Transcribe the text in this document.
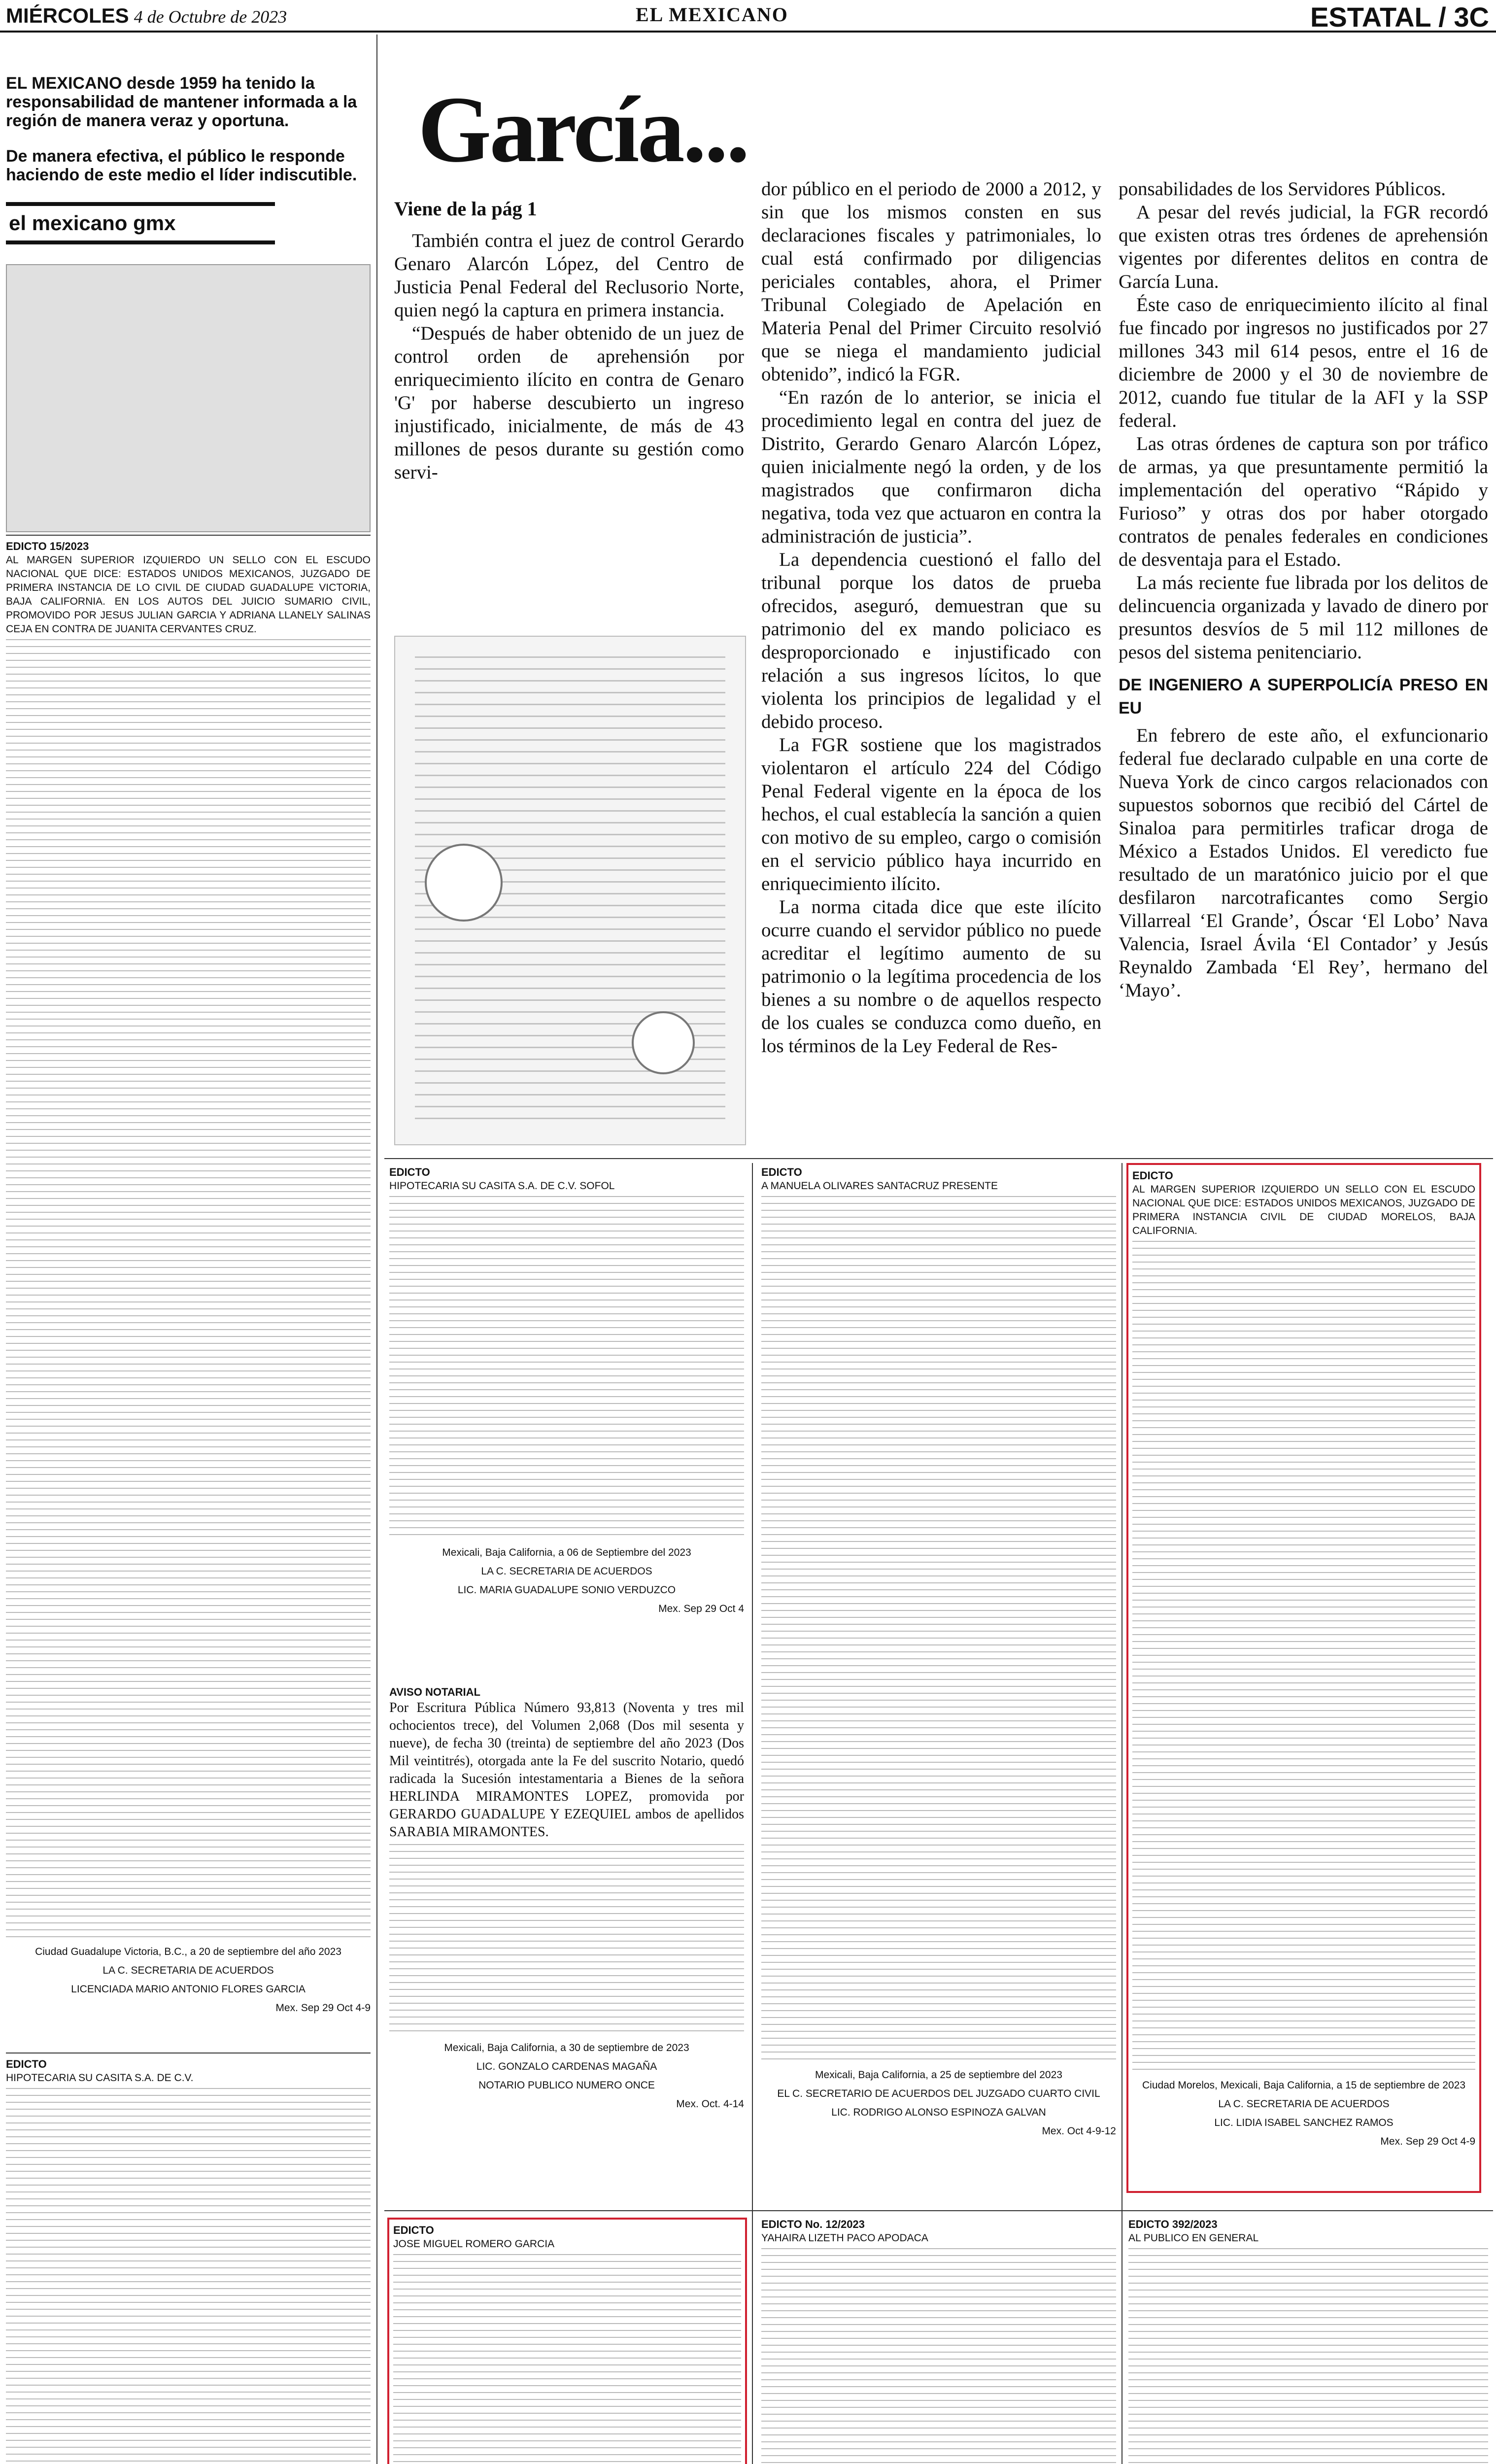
MIÉRCOLES 4 de Octubre de 2023	EL MEXICANO	ESTATAL / 3C
EL MEXICANO desde 1959 ha tenido la responsabilidad de mantener informada a la región de manera veraz y oportuna.
De manera efectiva, el público le responde haciendo de este medio el líder indiscutible.
el mexicano gmx
EDICTO 15/2023
AL MARGEN SUPERIOR IZQUIERDO UN SELLO CON EL ESCUDO NACIONAL QUE DICE: ESTADOS UNIDOS MEXICANOS, JUZGADO DE PRIMERA INSTANCIA DE LO CIVIL DE CIUDAD GUADALUPE VICTORIA, BAJA CALIFORNIA. EN LOS AUTOS DEL JUICIO SUMARIO CIVIL, PROMOVIDO POR JESUS JULIAN GARCIA Y ADRIANA LLANELY SALINAS CEJA EN CONTRA DE JUANITA CERVANTES CRUZ.
Ciudad Guadalupe Victoria, B.C., a 20 de septiembre del año 2023
LA C. SECRETARIA DE ACUERDOS
LICENCIADA MARIO ANTONIO FLORES GARCIA
Mex. Sep 29 Oct 4-9
EDICTO
HIPOTECARIA SU CASITA S.A. DE C.V.
García...
Viene de la pág 1

También contra el juez de control Gerardo Genaro Alarcón López, del Centro de Justicia Penal Federal del Reclusorio Norte, quien negó la captura en primera instancia.

“Después de haber obtenido de un juez de control orden de aprehensión por enriquecimiento ilícito en contra de Genaro 'G' por haberse descubierto un ingreso injustificado, inicialmente, de más de 43 millones de pesos durante su gestión como servi-

dor público en el periodo de 2000 a 2012, y sin que los mismos consten en sus declaraciones fiscales y patrimoniales, lo cual está confirmado por diligencias periciales contables, ahora, el Primer Tribunal Colegiado de Apelación en Materia Penal del Primer Circuito resolvió que se niega el mandamiento judicial obtenido”, indicó la FGR.

“En razón de lo anterior, se inicia el procedimiento legal en contra del juez de Distrito, Gerardo Genaro Alarcón López, quien inicialmente negó la orden, y de los magistrados que confirmaron dicha negativa, toda vez que actuaron en contra la administración de justicia”.

La dependencia cuestionó el fallo del tribunal porque los datos de prueba ofrecidos, aseguró, demuestran que su patrimonio del ex mando policiaco es desproporcionado e injustificado con relación a sus ingresos lícitos, lo que violenta los principios de legalidad y el debido proceso.

La FGR sostiene que los magistrados violentaron el artículo 224 del Código Penal Federal vigente en la época de los hechos, el cual establecía la sanción a quien con motivo de su empleo, cargo o comisión en el servicio público haya incurrido en enriquecimiento ilícito.

La norma citada dice que este ilícito ocurre cuando el servidor público no puede acreditar el legítimo aumento de su patrimonio o la legítima procedencia de los bienes a su nombre o de aquellos respecto de los cuales se conduzca como dueño, en los términos de la Ley Federal de Res-

ponsabilidades de los Servidores Públicos.

A pesar del revés judicial, la FGR recordó que existen otras tres órdenes de aprehensión vigentes por diferentes delitos en contra de García Luna.

Éste caso de enriquecimiento ilícito al final fue fincado por ingresos no justificados por 27 millones 343 mil 614 pesos, entre el 16 de diciembre de 2000 y el 30 de noviembre de 2012, cuando fue titular de la AFI y la SSP federal.

Las otras órdenes de captura son por tráfico de armas, ya que presuntamente permitió la implementación del operativo “Rápido y Furioso” y otras dos por haber otorgado contratos de penales federales en condiciones de desventaja para el Estado.

La más reciente fue librada por los delitos de delincuencia organizada y lavado de dinero por presuntos desvíos de 5 mil 112 millones de pesos del sistema penitenciario.

DE INGENIERO A SUPERPOLICÍA PRESO EN EU

En febrero de este año, el exfuncionario federal fue declarado culpable en una corte de Nueva York de cinco cargos relacionados con supuestos sobornos que recibió del Cártel de Sinaloa para permitirles traficar droga de México a Estados Unidos. El veredicto fue resultado de un maratónico juicio por el que desfilaron narcotraficantes como Sergio Villarreal ‘El Grande’, Óscar ‘El Lobo’ Nava Valencia, Israel Ávila ‘El Contador’ y Jesús Reynaldo Zambada ‘El Rey’, hermano del ‘Mayo’.

EDICTO
HIPOTECARIA SU CASITA S.A. DE C.V. SOFOL
Mexicali, Baja California, a 06 de Septiembre del 2023
LA C. SECRETARIA DE ACUERDOS
LIC. MARIA GUADALUPE SONIO VERDUZCO
Mex. Sep 29 Oct 4
AVISO NOTARIAL
Por Escritura Pública Número 93,813 (Noventa y tres mil ochocientos trece), del Volumen 2,068 (Dos mil sesenta y nueve), de fecha 30 (treinta) de septiembre del año 2023 (Dos Mil veintitrés), otorgada ante la Fe del suscrito Notario, quedó radicada la Sucesión intestamentaria a Bienes de la señora HERLINDA MIRAMONTES LOPEZ, promovida por GERARDO GUADALUPE Y EZEQUIEL ambos de apellidos SARABIA MIRAMONTES.
Mexicali, Baja California, a 30 de septiembre de 2023
LIC. GONZALO CARDENAS MAGAÑA
NOTARIO PUBLICO NUMERO ONCE
Mex. Oct. 4-14
EDICTO
A MANUELA OLIVARES SANTACRUZ PRESENTE
Mexicali, Baja California, a 25 de septiembre del 2023
EL C. SECRETARIO DE ACUERDOS DEL JUZGADO CUARTO CIVIL
LIC. RODRIGO ALONSO ESPINOZA GALVAN
Mex. Oct 4-9-12
EDICTO
AL MARGEN SUPERIOR IZQUIERDO UN SELLO CON EL ESCUDO NACIONAL QUE DICE: ESTADOS UNIDOS MEXICANOS, JUZGADO DE PRIMERA INSTANCIA CIVIL DE CIUDAD MORELOS, BAJA CALIFORNIA.
Ciudad Morelos, Mexicali, Baja California, a 15 de septiembre de 2023
LA C. SECRETARIA DE ACUERDOS
LIC. LIDIA ISABEL SANCHEZ RAMOS
Mex. Sep 29 Oct 4-9
EDICTO
JOSE MIGUEL ROMERO GARCIA
EDICTO No. 12/2023
YAHAIRA LIZETH PACO APODACA
EDICTO 392/2023
AL PUBLICO EN GENERAL
